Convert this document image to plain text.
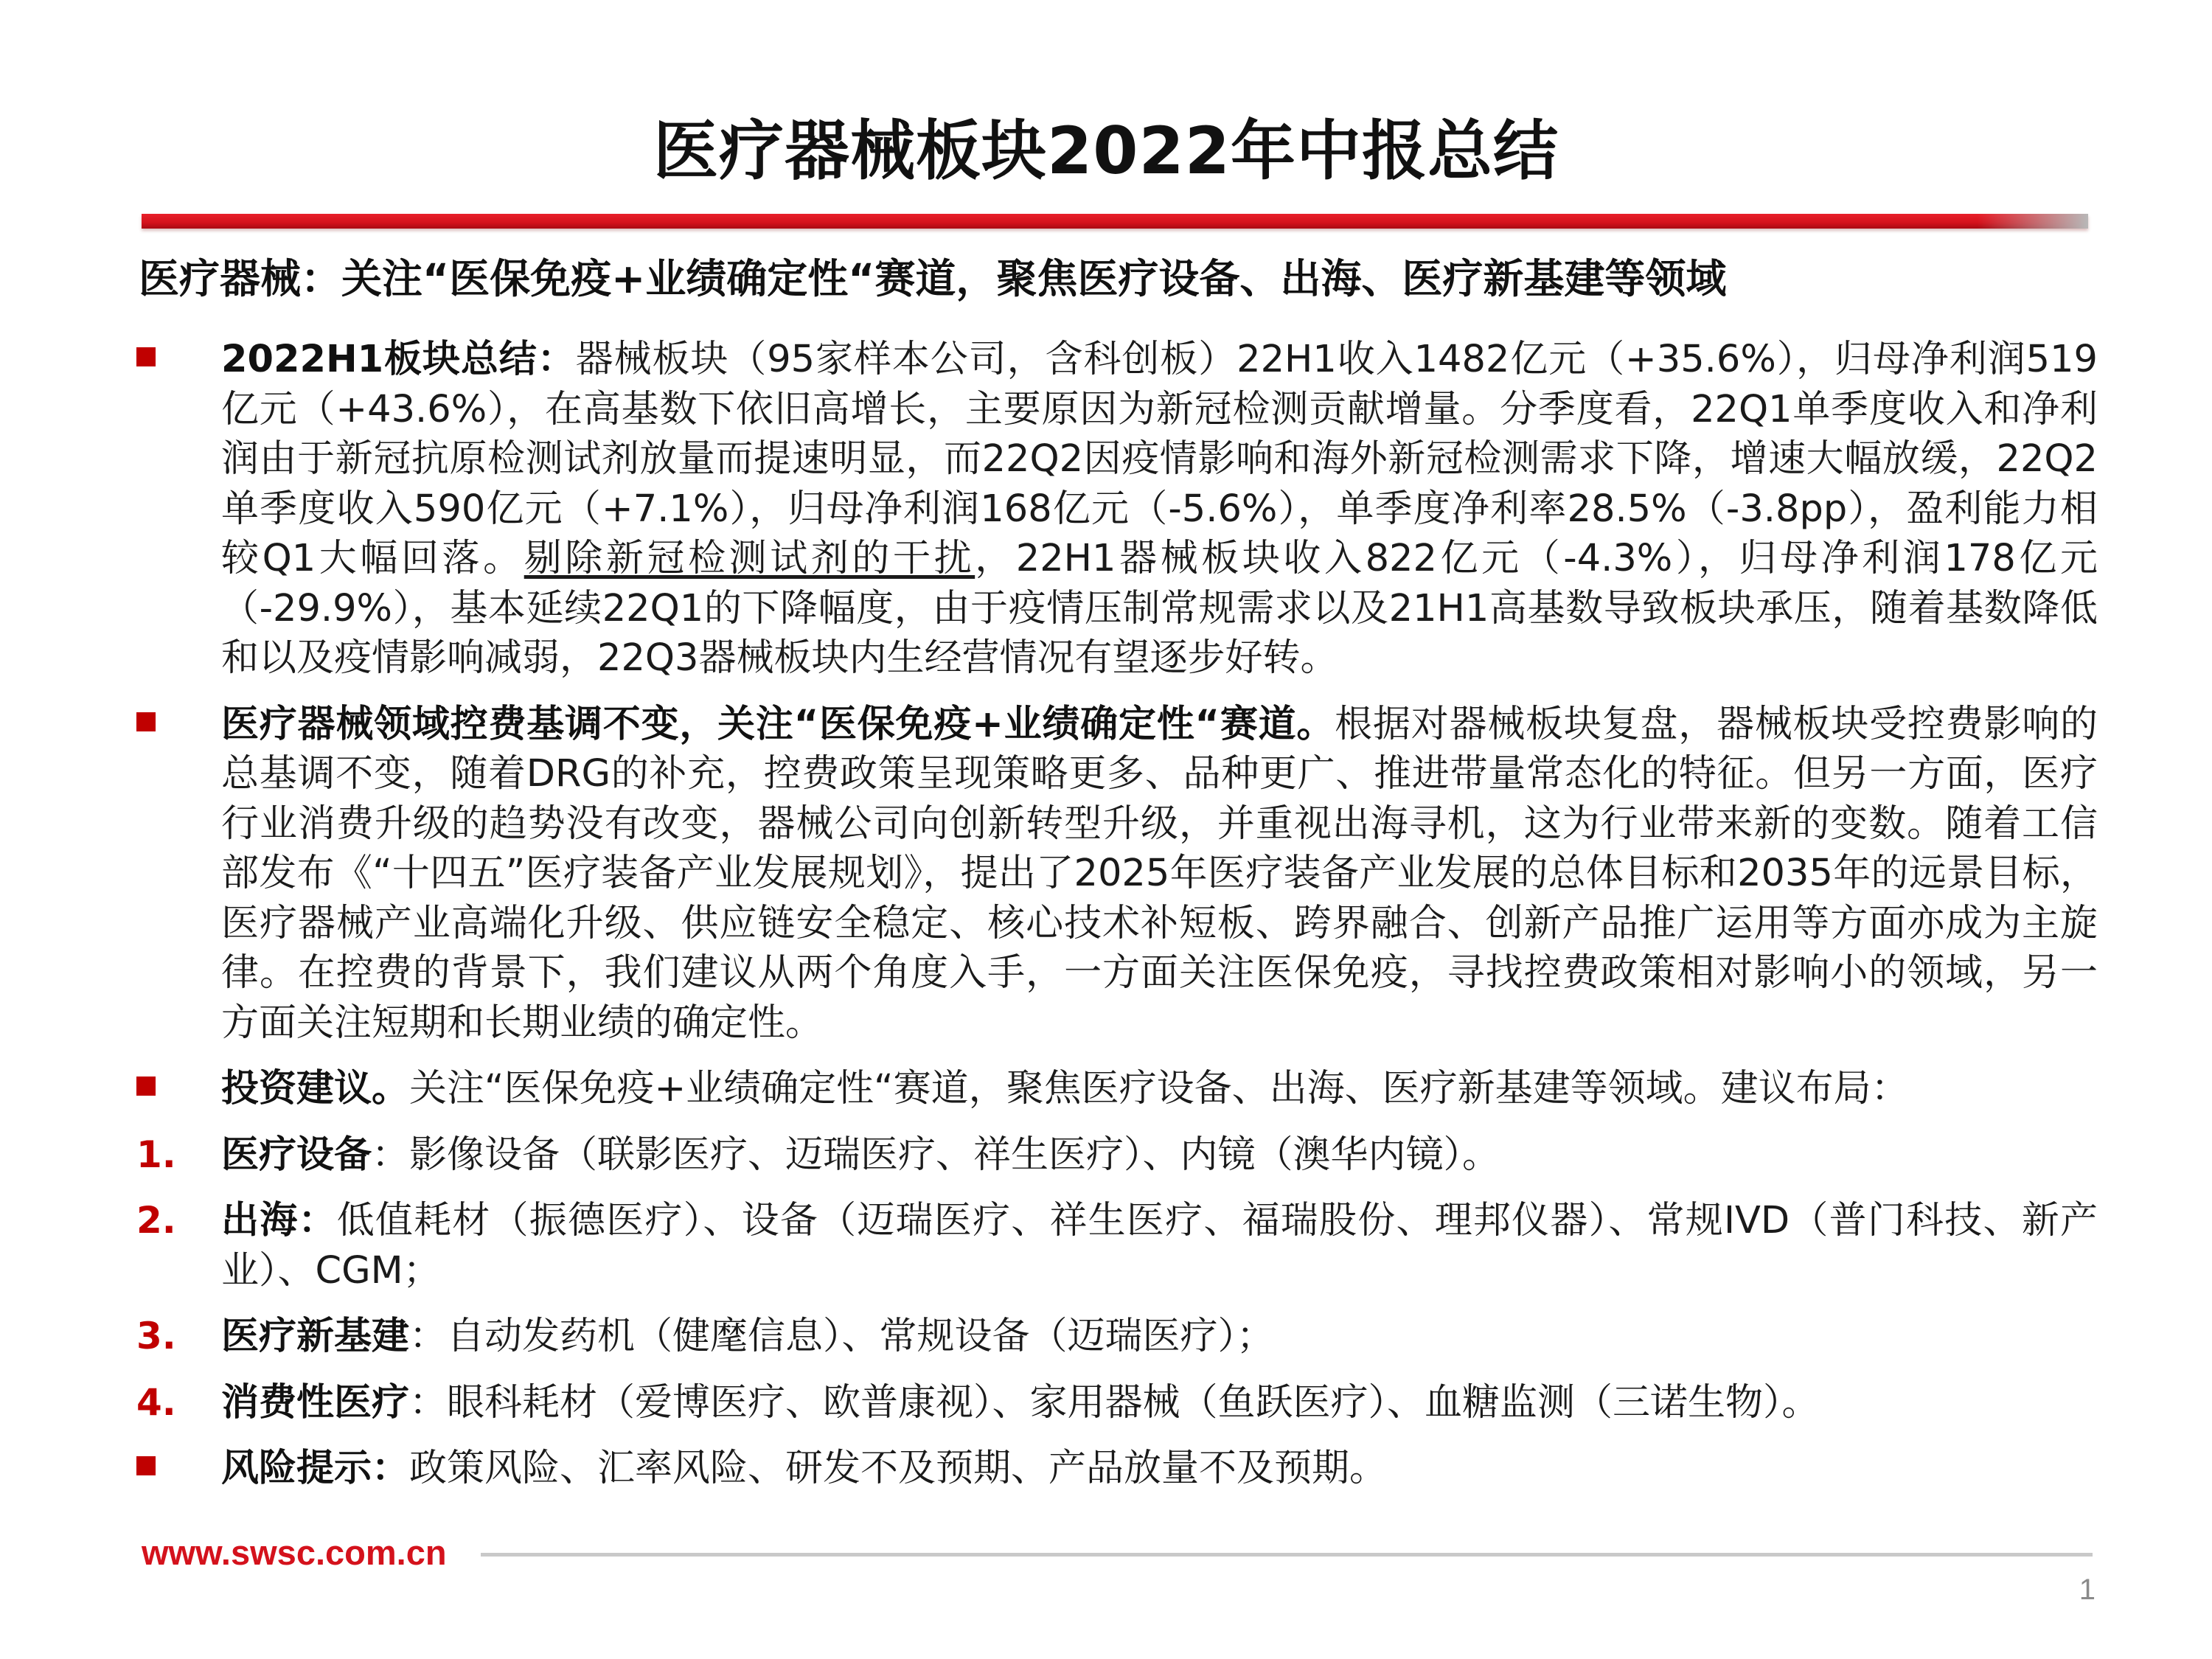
医疗器械板块2022年中报总结
医疗器械：关注“医保免疫+业绩确定性“赛道，聚焦医疗设备、出海、医疗新基建等领域
2022H1板块总结：器械板块（95家样本公司，含科创板）22H1收入1482亿元（+35.6%），归母净利润519亿元（+43.6%），在高基数下依旧高增长，主要原因为新冠检测贡献增量。分季度看，22Q1单季度收入和净利润由于新冠抗原检测试剂放量而提速明显，而22Q2因疫情影响和海外新冠检测需求下降，增速大幅放缓，22Q2单季度收入590亿元（+7.1%），归母净利润168亿元（-5.6%），单季度净利率28.5%（-3.8pp），盈利能力相较Q1大幅回落。剔除新冠检测试剂的干扰，22H1器械板块收入822亿元（-4.3%），归母净利润178亿元（-29.9%），基本延续22Q1的下降幅度，由于疫情压制常规需求以及21H1高基数导致板块承压，随着基数降低和以及疫情影响减弱，22Q3器械板块内生经营情况有望逐步好转。
医疗器械领域控费基调不变，关注“医保免疫+业绩确定性“赛道。根据对器械板块复盘，器械板块受控费影响的总基调不变，随着DRG的补充，控费政策呈现策略更多、品种更广、推进带量常态化的特征。但另一方面，医疗行业消费升级的趋势没有改变，器械公司向创新转型升级，并重视出海寻机，这为行业带来新的变数。随着工信部发布《“十四五”医疗装备产业发展规划》，提出了2025年医疗装备产业发展的总体目标和2035年的远景目标，医疗器械产业高端化升级、供应链安全稳定、核心技术补短板、跨界融合、创新产品推广运用等方面亦成为主旋律。在控费的背景下，我们建议从两个角度入手，一方面关注医保免疫，寻找控费政策相对影响小的领域，另一方面关注短期和长期业绩的确定性。
投资建议。关注“医保免疫+业绩确定性“赛道，聚焦医疗设备、出海、医疗新基建等领域。建议布局：
1.	医疗设备：影像设备（联影医疗、迈瑞医疗、祥生医疗）、内镜（澳华内镜）。
2.	出海：低值耗材（振德医疗）、设备（迈瑞医疗、祥生医疗、福瑞股份、理邦仪器）、常规IVD（普门科技、新产业）、CGM；
3.	医疗新基建：自动发药机（健麾信息）、常规设备（迈瑞医疗）；
4.	消费性医疗：眼科耗材（爱博医疗、欧普康视）、家用器械（鱼跃医疗）、血糖监测（三诺生物）。
风险提示：政策风险、汇率风险、研发不及预期、产品放量不及预期。
www.swsc.com.cn
1
